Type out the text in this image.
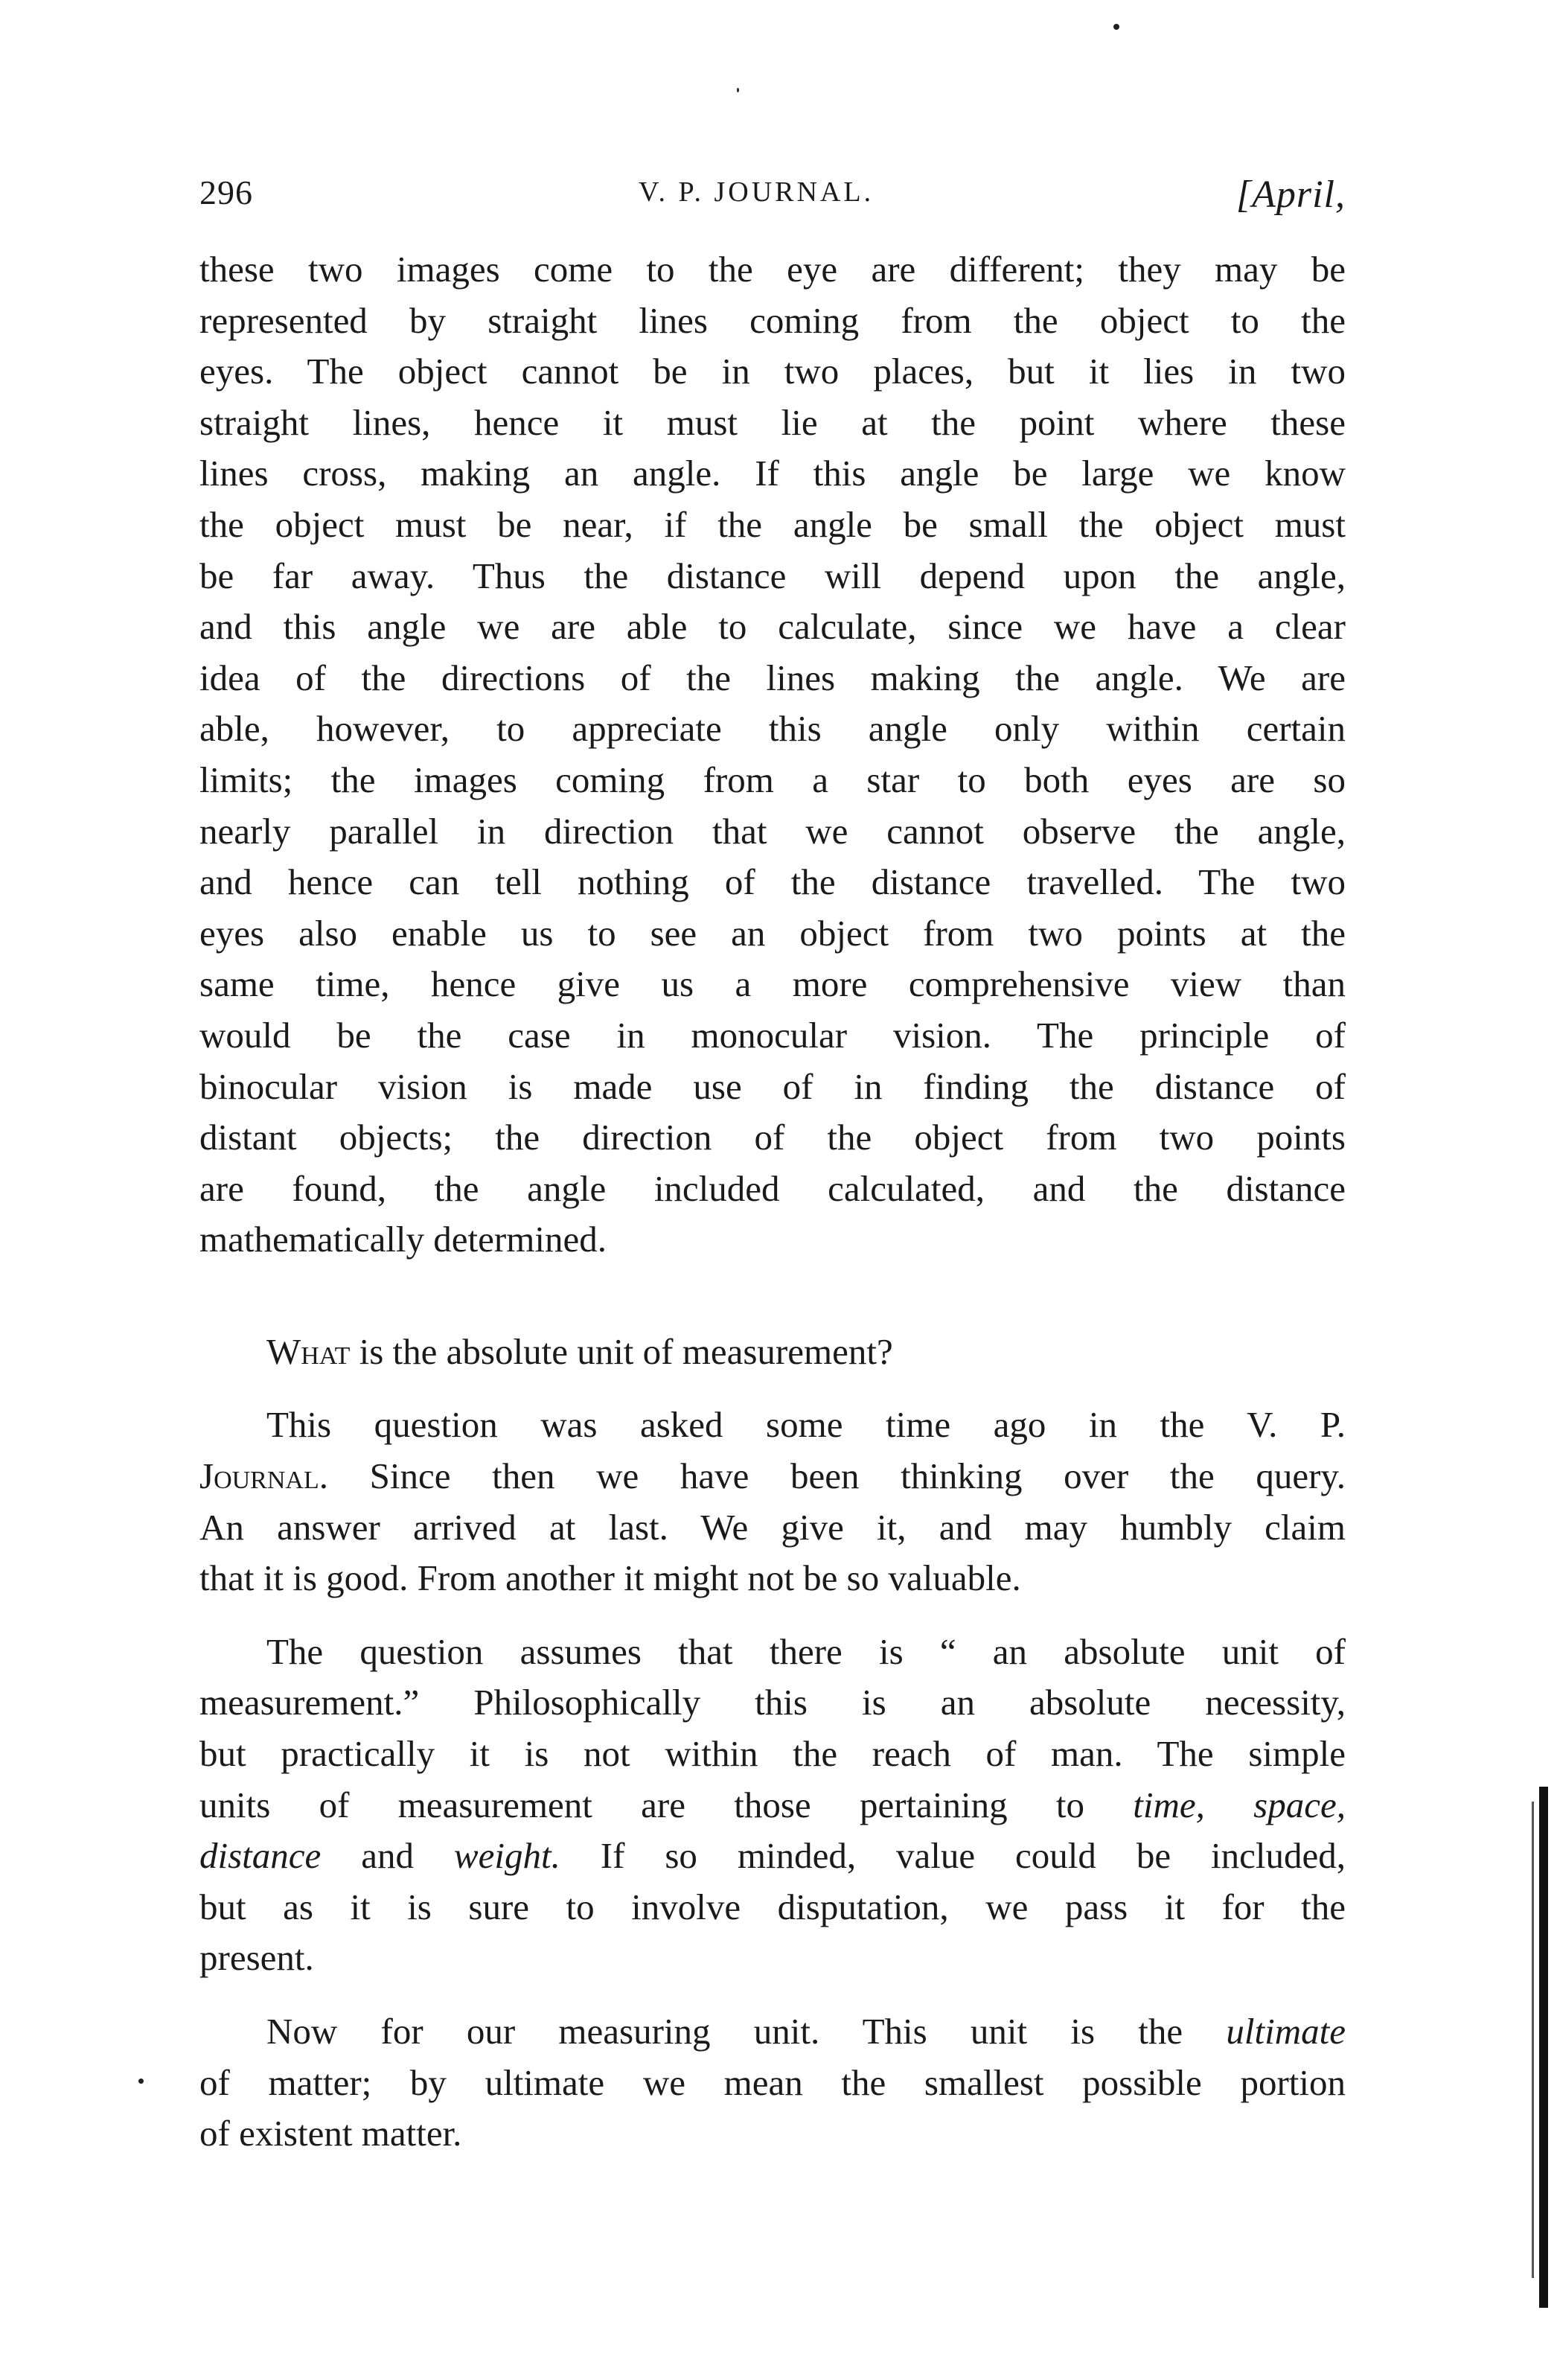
296	V. P. JOURNAL.	[April,
these two images come to the eye are different; they may be
represented by straight lines coming from the object to the
eyes. The object cannot be in two places, but it lies in two
straight lines, hence it must lie at the point where these
lines cross, making an angle. If this angle be large we know
the object must be near, if the angle be small the object must
be far away. Thus the distance will depend upon the angle,
and this angle we are able to calculate, since we have a clear
idea of the directions of the lines making the angle. We are
able, however, to appreciate this angle only within certain
limits; the images coming from a star to both eyes are so
nearly parallel in direction that we cannot observe the angle,
and hence can tell nothing of the distance travelled. The two
eyes also enable us to see an object from two points at the
same time, hence give us a more comprehensive view than
would be the case in monocular vision. The principle of
binocular vision is made use of in finding the distance of
distant objects; the direction of the object from two points
are found, the angle included calculated, and the distance
mathematically determined.
What is the absolute unit of measurement?
This question was asked some time ago in the V. P.
Journal. Since then we have been thinking over the query.
An answer arrived at last. We give it, and may humbly claim
that it is good. From another it might not be so valuable.
The question assumes that there is “ an absolute unit of
measurement.” Philosophically this is an absolute necessity,
but practically it is not within the reach of man. The simple
units of measurement are those pertaining to time, space,
distance and weight. If so minded, value could be included,
but as it is sure to involve disputation, we pass it for the
present.
Now for our measuring unit. This unit is the ultimate
of matter; by ultimate we mean the smallest possible portion
of existent matter.
